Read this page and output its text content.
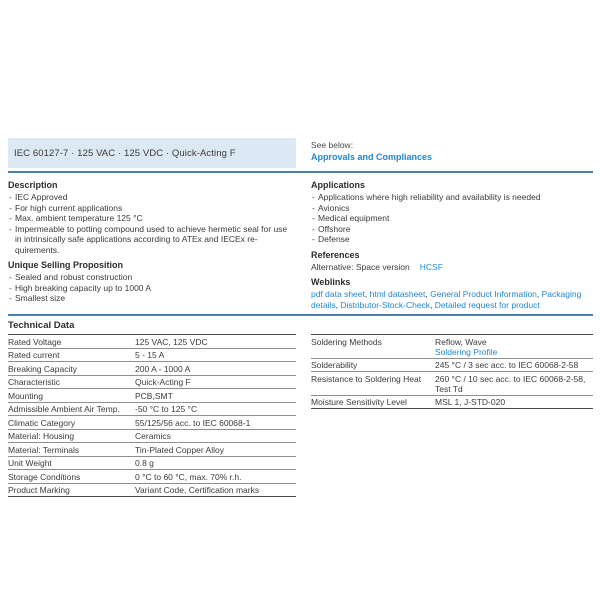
IEC 60127-7 · 125 VAC · 125 VDC · Quick-Acting F
See below:
Approvals and Compliances
Description
- IEC Approved
- For high current applications
- Max. ambient temperature 125 °C
- Impermeable to potting compound used to achieve hermetic seal for use in intrinsically safe applications according to ATEx and IECEx re-quirements.
Unique Selling Proposition
- Sealed and robust construction
- High breaking capacity up to 1000 A
- Smallest size
Applications
- Applications where high reliability and availability is needed
- Avionics
- Medical equipment
- Offshore
- Defense
References

Alternative: Space version HCSF

Weblinks

pdf data sheet, html datasheet, General Product Information, Packaging details, Distributor-Stock-Check, Detailed request for product

Technical Data
Rated Voltage	125 VAC, 125 VDC
Rated current	5 - 15 A
Breaking Capacity	200 A - 1000 A
Characteristic	Quick-Acting F
Mounting	PCB,SMT
Admissible Ambient Air Temp.	-50 °C to 125 °C
Climatic Category	55/125/56 acc. to IEC 60068-1
Material: Housing	Ceramics
Material: Terminals	Tin-Plated Copper Alloy
Unit Weight	0.8 g
Storage Conditions	0 °C to 60 °C, max. 70% r.h.
Product Marking	Variant Code, Certification marks
Soldering Methods	Reflow, Wave
Soldering Profile
Solderability	245 °C / 3 sec acc. to IEC 60068-2-58
Resistance to Soldering Heat	260 °C / 10 sec acc. to IEC 60068-2-58, Test Td
Moisture Sensitivity Level	MSL 1, J-STD-020
